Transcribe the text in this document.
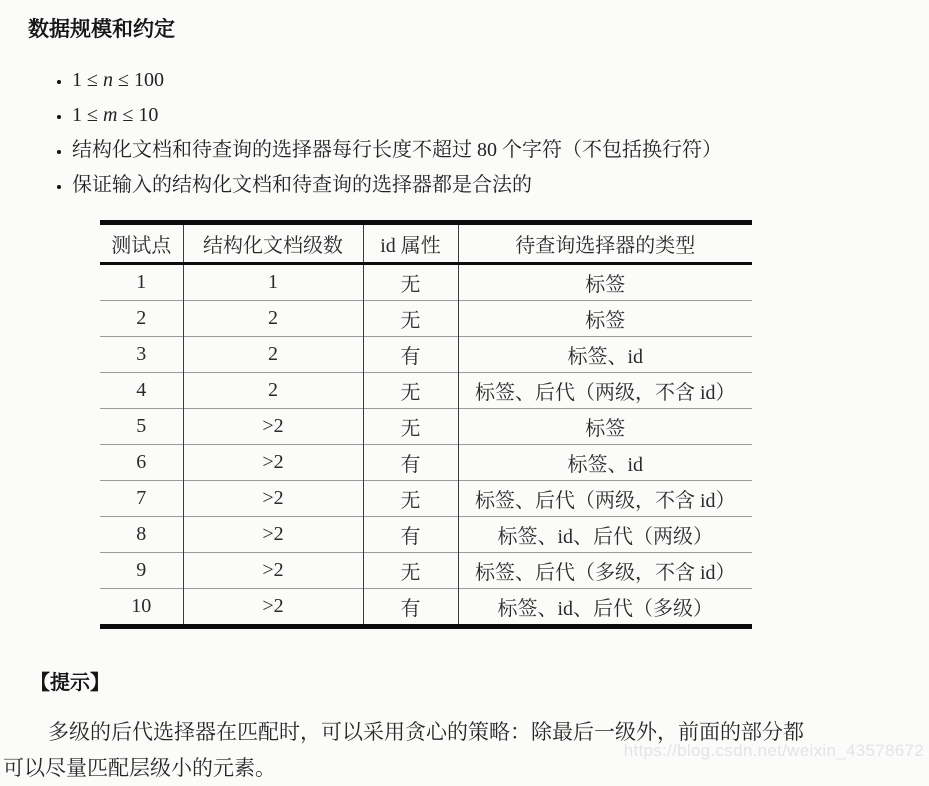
数据规模和约定
• 1 ≤ n ≤ 100
• 1 ≤ m ≤ 10
• 结构化文档和待查询的选择器每行长度不超过 80 个字符（不包括换行符）
• 保证输入的结构化文档和待查询的选择器都是合法的
测试点	结构化文档级数	id 属性	待查询选择器的类型
1	1	无	标签
2	2	无	标签
3	2	有	标签、id
4	2	无	标签、后代（两级，不含 id）
5	>2	无	标签
6	>2	有	标签、id
7	>2	无	标签、后代（两级，不含 id）
8	>2	有	标签、id、后代（两级）
9	>2	无	标签、后代（多级，不含 id）
10	>2	有	标签、id、后代（多级）
【提示】

多级的后代选择器在匹配时，可以采用贪心的策略：除最后一级外，前面的部分都
可以尽量匹配层级小的元素。

https://blog.csdn.net/weixin_43578672
